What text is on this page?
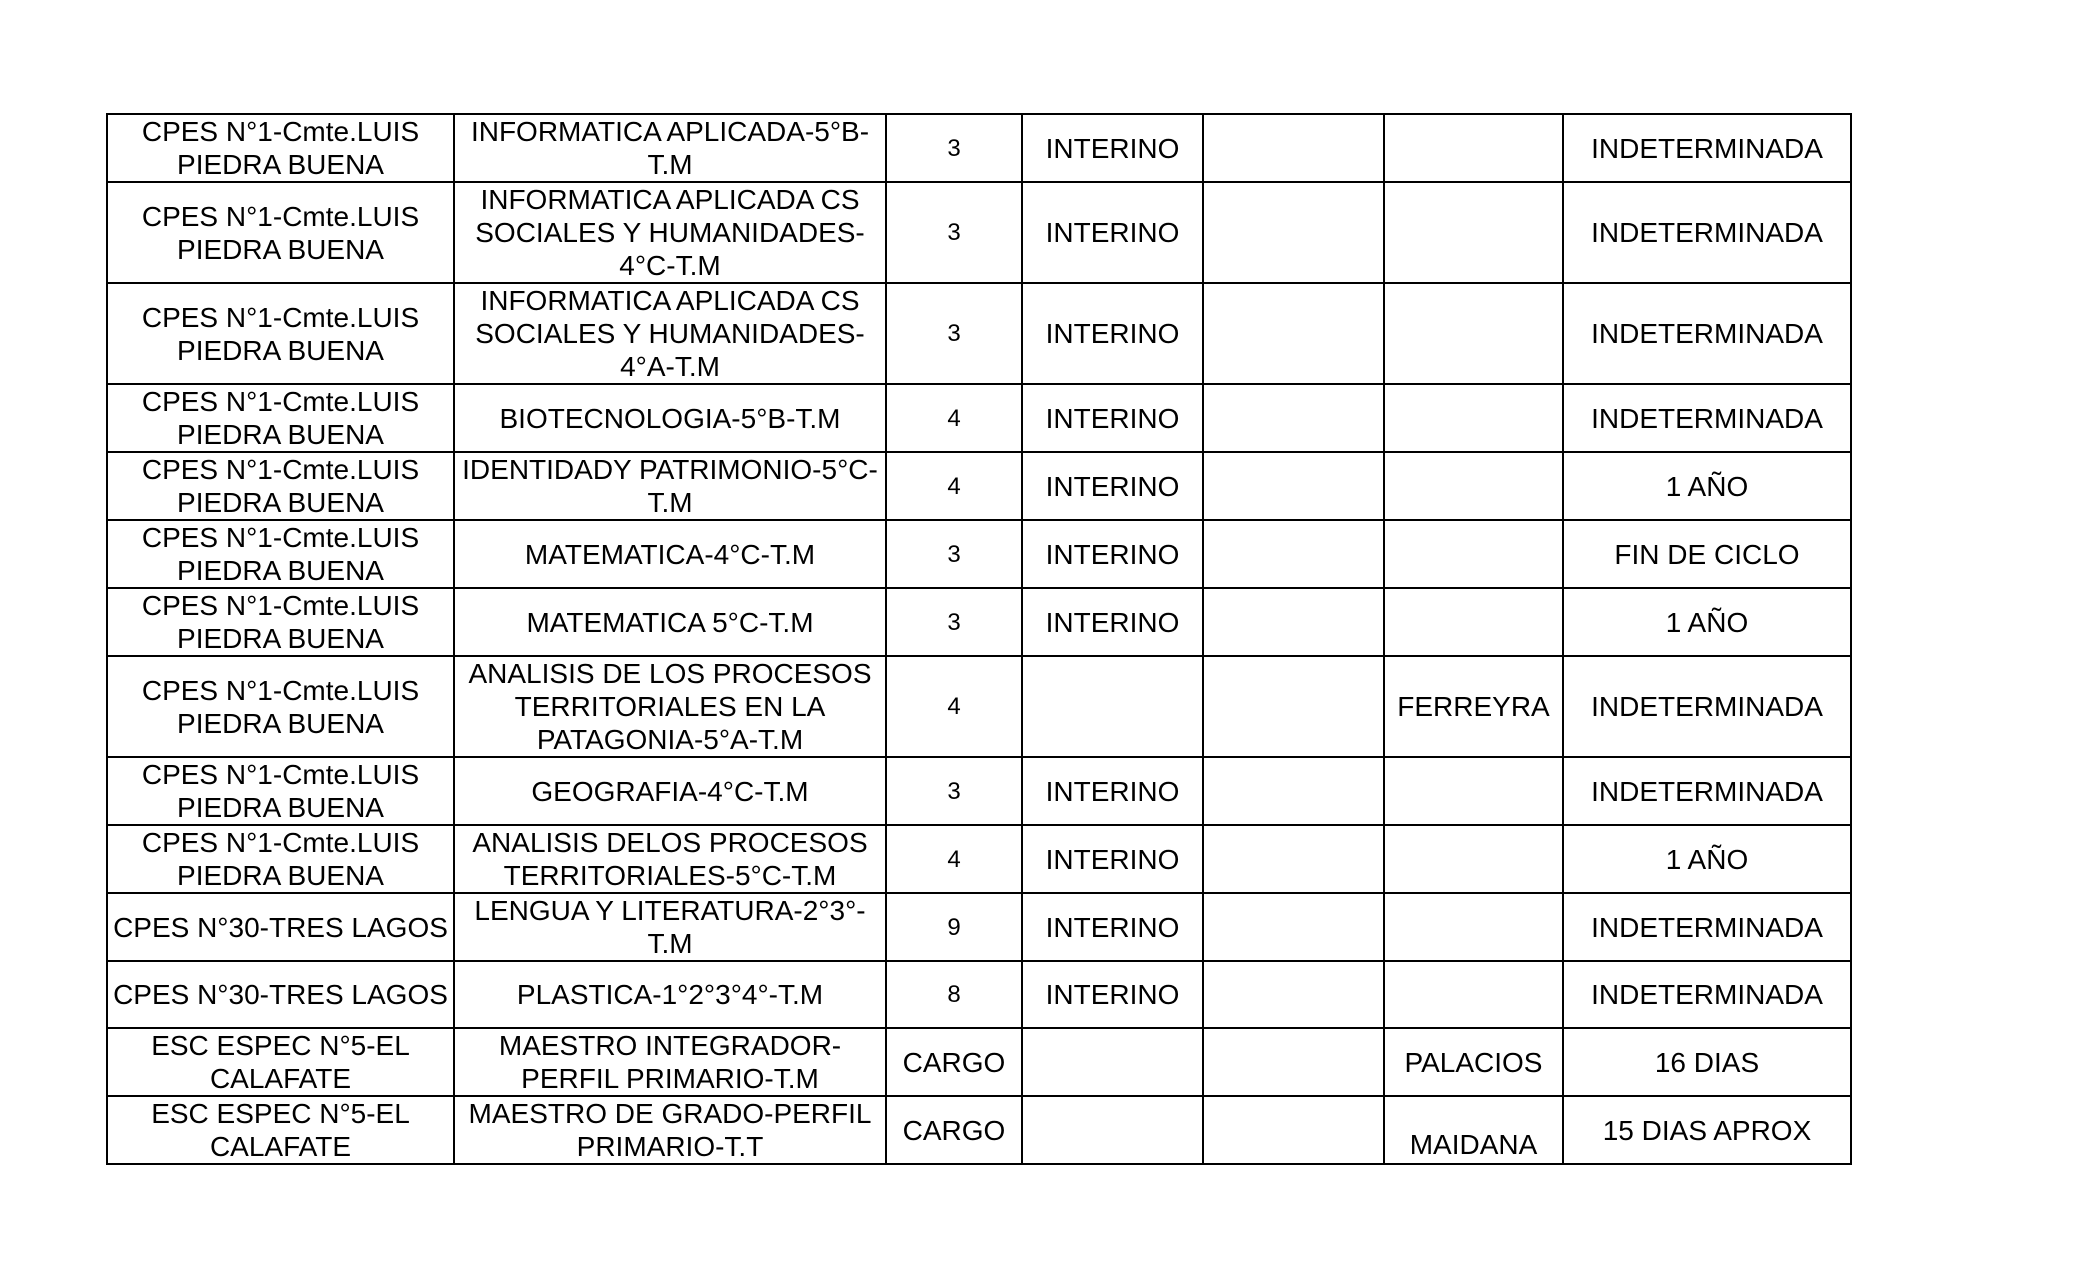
CPES N°1-Cmte.LUIS PIEDRA BUENA	INFORMATICA APLICADA-5°B-T.M	3	INTERINO			INDETERMINADA
CPES N°1-Cmte.LUIS PIEDRA BUENA	INFORMATICA APLICADA CS SOCIALES Y HUMANIDADES-4°C-T.M	3	INTERINO			INDETERMINADA
CPES N°1-Cmte.LUIS PIEDRA BUENA	INFORMATICA APLICADA CS SOCIALES Y HUMANIDADES-4°A-T.M	3	INTERINO			INDETERMINADA
CPES N°1-Cmte.LUIS PIEDRA BUENA	BIOTECNOLOGIA-5°B-T.M	4	INTERINO			INDETERMINADA
CPES N°1-Cmte.LUIS PIEDRA BUENA	IDENTIDADY PATRIMONIO-5°C-T.M	4	INTERINO			1 AÑO
CPES N°1-Cmte.LUIS PIEDRA BUENA	MATEMATICA-4°C-T.M	3	INTERINO			FIN DE CICLO
CPES N°1-Cmte.LUIS PIEDRA BUENA	MATEMATICA 5°C-T.M	3	INTERINO			1 AÑO
CPES N°1-Cmte.LUIS PIEDRA BUENA	ANALISIS DE LOS PROCESOS TERRITORIALES EN LA PATAGONIA-5°A-T.M	4			FERREYRA	INDETERMINADA
CPES N°1-Cmte.LUIS PIEDRA BUENA	GEOGRAFIA-4°C-T.M	3	INTERINO			INDETERMINADA
CPES N°1-Cmte.LUIS PIEDRA BUENA	ANALISIS DELOS PROCESOS TERRITORIALES-5°C-T.M	4	INTERINO			1 AÑO
CPES N°30-TRES LAGOS	LENGUA Y LITERATURA-2°3°-T.M	9	INTERINO			INDETERMINADA
CPES N°30-TRES LAGOS	PLASTICA-1°2°3°4°-T.M	8	INTERINO			INDETERMINADA
ESC ESPEC N°5-EL CALAFATE	MAESTRO INTEGRADOR-PERFIL PRIMARIO-T.M	CARGO			PALACIOS	16 DIAS
ESC ESPEC N°5-EL CALAFATE	MAESTRO DE GRADO-PERFIL PRIMARIO-T.T	CARGO			MAIDANA	15 DIAS APROX
